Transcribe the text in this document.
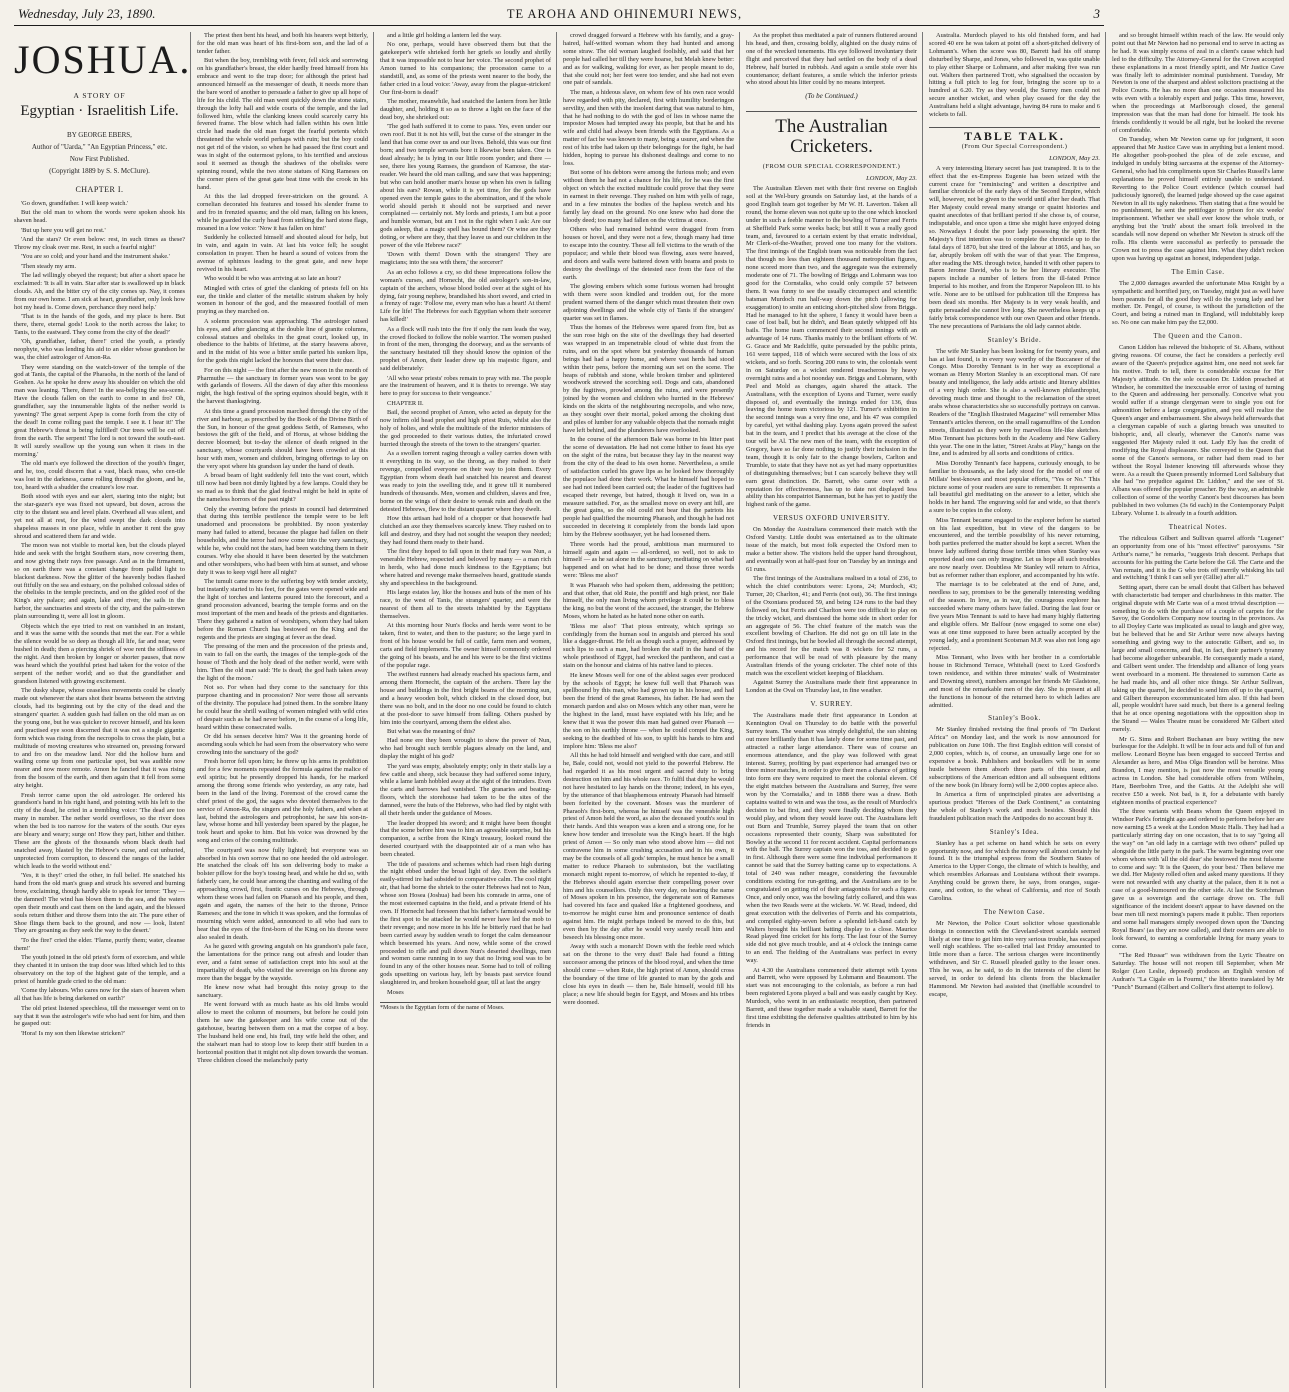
Wednesday, July 23, 1890.	TE AROHA AND OHINEMURI NEWS,	3
JOSHUA.
A STORY OF
Egyptian · Israelitish Life.
BY GEORGE EBERS,
Author of "Uarda," "An Egyptian Princess," etc.
Now First Published.
(Copyright 1889 by S. S. McClure).
CHAPTER I.

'Go down, grandfather. I will keep watch.'

But the old man to whom the words were spoken shook his shaven head.

'But up here you will get no rest.'

'And the stars? Or even below: rest, in such times as these? Throw my cloak over me. Rest, in such a fearful night!'

'You are so cold; and your hand and the instrument shake.'

'Then steady my arm.

The lad willingly obeyed the request; but after a short space he exclaimed: 'It is all in vain. Star after star is swallowed up in black clouds. Ah, and the bitter cry of the city comes up. Nay, it comes from our own home. I am sick at heart, grandfather, only look how hot my head is. Come down, perchance they need help.'

'That is in the hands of the gods, and my place is here. But there, there, eternal gods! Look to the north across the lake; to Tanis, to the eastward. They come from the city of the dead?'

'Oh, grandfather, father, there!' cried the youth, a priestly neophyte, who was lending his aid to an elder whose grandson he was, the chief astrologer of Amon-Ra.

They were standing on the watch-tower of the temple of the god at Tanis, the capital of the Pharaohs, in the north of the land of Goshen. As he spoke he drew away his shoulder on which the old man was leaning. 'There, there! In the sea-bellying the sea-scene. Have the clouds fallen on the earth to come in and fro? Oh, grandfather, say the innumerable lights of the nether world is yawning? The great serpent Apep is come forth from the city of the dead! In come rolling past the temple. I see it. I hear it!' The great Hebrew's threat is being fulfilled! Our trees will be cut off from the earth. The serpent! The lord is not toward the south-east. It will surely swallow up the young sun when it rises in the morning.'

The old man's eye followed the direction of the youth's finger, and he, too, could discern that a vast, black mass, who cen-tile was lost in the darkness, came rolling through the gloom, and he, too, heard with a shudder the creature's low roar.

Both stood with eyes and ear alert, staring into the night; but the star-gazer's eye was fixed not upward, but down, across the city to the distant sea and level plain. Overhead all was silent, and yet not all at rest, for the wind swept the dark clouds into shapeless masses in one place, while in another it rent the gray shroud and scattered them far and wide.

The moon was not visible to mortal ken, but the clouds played hide and seek with the bright Southern stars, now covering them, and now giving their rays free passage. And as in the firmament, so on earth there was a constant change from pallid light to blackest darkness. Now the glitter of the heavenly bodies flashed out fitfully on the sea and estuary, on the polished colossal sides of the obelisks in the temple precincts, and on the gilded roof of the King's airy palace; and again, lake and river, the sails in the harbor, the sanctuaries and streets of the city, and the palm-strewn plain surrounding it, were all lost in gloom.

Objects which the eye tried to rest on vanished in an instant, and it was the same with the sounds that met the ear. For a while the silence would be so deep as though all life, far and near, were hushed in death; then a piercing shriek of woe rent the stillness of the night. And then broken by longer or shorter pauses, that now was heard which the youthful priest had taken for the voice of the serpent of the nether world; and so that the grandfather and grandson listened with growing excitement.

The dusky shape, whose ceaseless movements could be clearly made out whenever the stars shot their beams between the striving clouds, had its beginning out by the city of the dead and the strangers' quarter. A sudden gush had fallen on the old man as on the young one, but he was quicker to recover himself, and his keen and practised eye soon discerned that it was not a single gigantic form which was rising from the necropolis to cross the plain, but a multitude of moving creatures who streamed on, pressing forward to and fro on the meadow land. Nor did the hollow hum and wailing come up from one particular spot, but was audible now nearer and now more remote. Amon he fancied that it was rising from the bosom of the earth, and then again that it fell from some airy height.

Fresh terror came upon the old astrologer. He ordered his grandson's hand in his right hand, and pointing with his left to the city of the dead, he cried in a trembling voice: 'The dead are too many in number. The nether world overflows, so the river does when the bed is too narrow for the waters of the south. Our eyes are bleary and weary; surge on! How they part, hither and thither. These are the ghosts of the thousands whom black death had snatched away, blasted by the Hebrew's curse, and cut unburied, unprotected from corruption, to descend the ranges of the ladder which leads to the world without end.'

'Yes, it is they!' cried the other, in full belief. He snatched his hand from the old man's grasp and struck his severed and burning brow, exclaiming, though hardly able to speak for terror: 'They — the damned! The wind has blown them to the sea, and the waters open their mouth and cast them on the land again, and the blessed souls return thither and throw them into the air. The pure ether of Shoe flings them back to the ground, and now — look, listen! They are groaning as they seek the way to the desert.'

'To the fire!' cried the elder. 'Flame, purify them; water, cleanse them!'

The youth joined in the old priest's form of exorcism, and while they chanted it in unison the trap door was lifted which led to this observatory on the top of the highest gate of the temple, and a priest of humble grade cried to the old man:

'Come thy labours. Who cares now for the stars of heaven when all that has life is being darkened on earth?'

The old priest listened speechless, till the messenger went on to say that it was the astrologer's wife who had sent for him, and then he gasped out:

'Hora! Is my son then likewise stricken?'

The priest then bent his head, and both his hearers wept bitterly, for the old man was heart of his first-born son, and the lad of a tender father.

But when the boy, trembling with fever, fell sick and sorrowing on his grandfather's breast, the elder hardly freed himself from his embrace and went to the trap door; for although the priest had announced himself as the messenger of death, it needs more than the bare word of another to persuade a father to give up all hope of life for his child. The old man went quickly down the stone stairs, through the lofty hall and wide courts of the temple, and the lad followed him, while the clanking knees could scarcely carry his fevered frame. The blow which had fallen within his own little circle had made the old man forget the fearful portents which threatened the whole world perhaps with ruin; but the boy could not get rid of the vision, so when he had passed the first court and was in sight of the outermost pylons, to his terrified and anxious soul it seemed as though the shadows of the obelisks were spinning round, while the two stone statues of King Rameses on the corner piers of the great gate beat time with the crook in his hand.

At this the lad dropped fever-stricken on the ground. A cornelian decorated his features and tossed his slender frame to and fro in frenzied spasms; and the old man, falling on his knees, while he guarded the curly head from striking the hard stone flags, moaned in a low voice: 'Now it has fallen on him!'

Suddenly he collected himself and shouted aloud for help, but in vain, and again in vain. At last his voice fell; he sought consolation in prayer. Then he heard a sound of voices from the avenue of sphinxes leading to the great gate, and new hope revived in his heart.

Who would it be who was arriving at so late an hour?

Mingled with cries of grief the clanking of priests fell on his ear, the tinkle and clatter of the metallic sistrum shaken by holy women in honour of the god, and the measured footfall of men praying as they marched on.

A solemn procession was approaching. The astrologer raised his eyes, and after glancing at the double line of granite columns, colossal statues and obelisks in the great court, looked up, in obedience to the habits of lifetime, at the starry heavens above, and in the midst of his woe a bitter smile parted his sunken lips, for the gods this night lacked the honours that were their due.

For on this night — the first after the new moon in the month of Pharmuthe — the sanctuary in former years was wont to be gay with garlands of flowers. All the dawn of day after this moonless night, the high festival of the spring equinox should begin, with it the harvest thanksgiving.

At this time a grand procession marched through the city of the river and harbour, as prescribed by the Book of the Divine Birth of the Sun, in honour of the great goddess Seith, of Rameses, who bestows the gift of the field, and of Horus, at whose bidding the decree bloomed; but to-day the silence of death reigned in the sanctuary, whose courtyards should have been crowded at this hour with men, women and children, bringing offerings to lay on the very spot where his grandson lay under the hand of death.

A broad beam of light suddenly fell into the vast court, which till now had been not dimly lighted by a few lamps. Could they be so mad as to think that the glad festival might be held in spite of the nameless horrors of the past night?

Only the evening before the priests in council had determined that during this terrible pestilence the temple were to be left unadorned and processions be prohibited. By noon yesterday many had failed to attend, because the plague had fallen on their households, and the terror had now come into the very sanctuary, while he, who could not the stars, had been watching them in their courses. Why else should it have been deserted by the watchmen and other worshipers, who had been with him at sunset, and whose duty it was to keep vigil here all night?

The tumult came more to the suffering boy with tender anxiety, but instantly started to his feet, for the gates were opened wide and the light of torches and lanterns poured into the forecourt, and a grand procession advanced, bearing the temple forms and on the most important of the men and heads of the priests and dignitaries. There they gathered a nation of worshipers, whom they had taken before the Roman Church has bestowed on the King and the regents and the priests are singing at fever as the dead.

The pressing of the men and the procession of the priests and, in vain to fall on the earth, the images of the temple-gods of the house of Thoth and the holy dead of the nether world, were with him. Then the old man said: 'He is dead; the god hath taken away the light of the moon.'

Not so. For when had they come to the sanctuary for this purpose chanting and in procession? Nor were those all servants of the divinity. The populace had joined them. In the sombre litany he could hear the shrill wailing of women mingled with wild cries of despair such as he had never before, in the course of a long life, heard within these consecrated walls.

Or did his senses deceive him? Was it the groaning horde of ascending souls which he had seen from the observatory who were crowding into the sanctuary of the god?

Fresh horror fell upon him; he threw up his arms in prohibition and for a few moments repeated the formula against the malice of evil spirits; but he presently dropped his hands, for he marked among the throng some friends who yesterday, as any rate, had been in the land of the living. Foremost of the crowd came the chief priest of the god, the sages who devoted themselves to the service of Amon-Ra, the singers and the holy fathers, and when at last, behind the astrologers and petrophonist, he saw his son-in-law, whose home and hill yesterday been spared by the plague, he took heart and spoke to him. But his voice was drowned by the song and cries of the coming multitude.

The courtyard was now fully lighted; but everyone was so absorbed in his own sorrow that no one heeded the old astrologer. He snatched the cloak off his son delivering body to make a bolster pillow for the boy's tossing head, and while he did so, with fatherly care, he could hear among the chanting and wailing of the approaching crowd, first, frantic curses on the Hebrews, through whom these woes had fallen on Pharaoh and his people, and then, again and again, the names of the heir to the throne, Prince Rameses; and the tone in which it was spoken, and the formulas of mourning which were added, announced to all who had ears to hear that the eyes of the first-born of the King on his throne were also sealed in death.

As he gazed with growing anguish on his grandson's pale face, the lamentations for the prince rang out afresh and louder than ever, and a faint sense of satisfaction crept into his soul at the impartiality of death, who visited the sovereign on his throne any more than the beggar by the wayside.

He knew now what had brought this noisy group to the sanctuary.

He went forward with as much haste as his old limbs would allow to meet the column of mourners, but before he could join them he saw the gatekeeper and his wife come out of the gatehouse, bearing between them on a mat the corpse of a boy. The husband held one end, his frail, tiny wife held the other, and the stalwart man had to stoop low to keep their stiff burden in a horizontal position that it might not slip down towards the woman. Three children closed the melancholy party

and a little girl holding a lantern led the way.

No one, perhaps, would have observed them but that the gatekeeper's wife shrieked forth her griefs so loudly and shrilly that it was impossible not to hear her voice. The second prophet of Amon turned to his companions; the procession came to a standstill, and, as some of the priests went nearer to the body, the father cried in a loud voice: 'Away, away from the plague-stricken! Our first-born is dead!'

The mother, meanwhile, had snatched the lantern from her little daughter, and, holding it so as to throw a light on the face of the dead boy, she shrieked out:

'The god hath suffered it to come to pass. Yes, even under our own roof. But it is not his will, but the curse of the stranger in the land that has come over us and our lives. Behold, this was our first born; and two temple servants bore it likewise been taken. One is dead already; he is lying in our little room yonder; and there — see, there lies young Ramses, the grandson of Kamose, the star-reader. We heard the old man calling, and saw that was happening; but who can hold another man's house up when his own is falling about his ears? Rowan, while it is yet time, for the gods have opened even the temple gates to the abomination, and if the whole world should perish it should not be surprised and never complained — certainly not. My lords and priests, I am but a poor and humble woman, but am I not in the right when I ask: Are our gods asleep, that a magic spell has bound them? Or wine are they doting, or where are they, that they leave us and our children in the power of the vile Hebrew race?'

'Down with them! Down with the strangers! They are magicians; into the sea with them,' the sorcerer!'

As an echo follows a cry, so did these imprecations follow the woman's curses, and Hornecht, the old astrologer's son-in-law, captain of the archers, whose blood boiled over at the sight of his dying, fair young nephew, brandished his short sword, and cried in a frenzy of rage: 'Follow me, every man who has a heart! At them! Life for life! The Hebrews for each Egyptian whom their sorcerer has killed!'

As a flock will rush into the fire if only the ram leads the way, the crowd flocked to follow the noble warrior. The women pushed in front of the men, thronging the doorway, and as the servants of the sanctuary hesitated till they should know the opinion of the prophet of Amon, their leader drew up his majestic figure, and said deliberately:

'All who wear priests' robes remain to pray with me. The people are the instrument of heaven, and it is theirs to revenge. We stay here to pray for success to their vengeance.'

CHAPTER II.

Bail, the second prophet of Amon, who acted as deputy for the now infirm old head prophet and high priest Ruis, whilst also the holy of holies, and while the multitude of the inferior ministers of the god proceeded to their various duties, the infuriated crowd hurried through the streets of the town to the strangers' quarter.

As a swollen torrent raging through a valley carries down with it everything in its way, so the throng, as they rushed to their revenge, compelled everyone on their way to join them. Every Egyptian from whom death had snatched his nearest and dearest was ready to join the swelling tide, and it grew till it numbered hundreds of thousands. Men, women and children, slaves and free, borne on the wings of their desire to wreak ruin and death on the detested Hebrews, flew to the distant quarter where they dwelt.

How this artisan had hold of a chopper or that housewife had clutched an axe they themselves scarcely knew. They rushed on to kill and destroy, and they had not sought the weapon they needed; they had found them ready to their hand.

The first they hoped to fall upon in their mad fury was Nun, a venerable Hebrew, respected and beloved by many — a man rich in herds, who had done much kindness to the Egyptians; but where hatred and revenge make themselves heard, gratitude stands shy and speechless in the background.

His large estates lay, like the houses and huts of the men of his race, to the west of Tanis, the strangers' quarter, and were the nearest of them all to the streets inhabited by the Egyptians themselves.

At this morning hour Nun's flocks and herds were wont to be taken, first to water, and then to the pasture; so the large yard in front of his house would be full of cattle, farm men and women, carts and field implements. The owner himself commonly ordered the going of his beasts, and he and his were to be the first victims of the popular rage.

The swiftest runners had already reached his spacious farm, and among them Hornecht, the captain of the archers. There lay the house and buildings in the first bright beams of the morning sun, and a heavy wooden bolt, which clicked in the closed door, but there was no bolt, and in the door no one could be found to clutch at the post-door to save himself from falling. Others pushed by him into the courtyard, among them the eldest also.

But what was the meaning of this?

Had none ere they been wrought to show the power of Nun, who had brought such terrible plagues already on the land, and display the might of his god?

The yard was empty, absolutely empty; only in their stalls lay a few cattle and sheep, sick because they had suffered some injury, while a lame lamb hobbled away at the sight of the intruders. Even the carts and barrows had vanished. The granaries and beating-floors, which the storehouse had taken to be the sites of the damned, were the huts of the Hebrews, who had fled by night with all their herds under the guidance of Moses.

The leader dropped his sword; and it might have been thought that the scene before him was to him an agreeable surprise, but his companion, a scribe from the King's treasury, looked round the deserted courtyard with the disappointed air of a man who has been cheated.

The tide of passions and schemes which had risen high during the night ebbed under the broad light of day. Even the soldier's easily-stirred ire had subsided to comparative calm. The cool night air, that had borne the shriek to the outer Hebrews had not to Nun, whose son Hosea (Joshua) had been his comrade in arms, one of the most esteemed captains in the field, and a private friend of his own. If Hornecht had foreseen that his father's farmstead would be the first spot to be attacked he would never have led the mob to their revenge; and now more in his life he bitterly rued that he had been carried away by sudden wrath to forget the calm demeanour which beseemed his years. And now, while some of the crowd proceeded to rifle and pull down Nun's deserted dwellings, men and women came running in to say that no living soul was to be found in any of the other houses near. Some had to toll of rolling gods upsetting on various hay, left by beasts past service found slaughtered in, and broken household gear, till at last the angry

Moses

*Moses is the Egyptian form of the name of Moses.

crowd dragged forward a Hebrew with his family, and a gray-haired, half-witted woman whom they had hunted and among some straw. The old woman laughed foolishly, and said that her people had called her till they were hoarse, but Melah knew better: and as for walking, walking for ever, as her people meant to do, that she could not; her feet were too tender, and she had not even one pair of sandals.

The man, a hideous slave, on whom few of his own race would have regarded with pity, declared, first with humility borderingon servility, and then with the insolent daring that was natural to him, that he had nothing to do with the god of lies in whose name the impostor Moses had tempted away his people, but that he and his wife and child had always been friends with the Egyptians. As a matter of fact he was known to many, being a usurer, and when the rest of his tribe had taken up their belongings for the fight, he had hidden, hoping to pursue his dishonest dealings and come to no loss.

But some of his debtors were among the furious mob; and even without them he had not a chance for his life, for he was the first object on which the excited multitude could prove that they were in earnest in their revenge. They rushed on him with yells of rage, and in a few minutes the bodies of the hapless wretch and his family lay dead on the ground. No one knew who had done the bloody deed; too many had fallen on the victims at once.

Others who had remained behind were dragged from from houses or hovel, and they were not a few, though many had time to escape into the country. These all fell victims to the wrath of the populace; and while their blood was flowing, axes were heaved, and doors and walls were battered down with beams and posts to destroy the dwellings of the detested race from the face of the earth.

The glowing embers which some furious women had brought with them were soon kindled and trodden out, for the more prudent warned them of the danger which must threaten their own adjoining dwellings and the whole city of Tanis if the strangers' quarter was set in flames.

Thus the homes of the Hebrews were spared from fire, but as the sun rose high on the site of the dwellings they had deserted was wrapped in an impenetrable cloud of white dust from the ruins, and on the spot where but yesterday thousands of human beings had had a happy home, and where vast herds had stood within their pens, before the morning sun set on the scene. The heaps of rubbish and stone, while broken timber and splintered woodwork strewed the scorching soil. Dogs and cats, abandoned by the fugitives, prowled among the ruins, and were presently joined by the women and children who hurried in the Hebrews' kinds on the skirts of the neighbouring necropolis, and who now, as they sought over their mortal, poked among the choking dust and piles of lumber for any valuable objects that the nomads might have left behind, and the plunderers have overlooked.

In the course of the afternoon Bale was borne in his litter past the scene of devastation. He had not come hither to feast his eye on the sight of the ruins, but because they lay in the nearest way from the city of the dead to his own home. Nevertheless, a smile of satisfaction curled his grave lips as he looked how thoroughly the populace had done their work. What he himself had hoped to see had not indeed been carried out; the leader of the fugitives had escaped their revenge, but hatred, though it lived on, was in a measure satisfied. For, as the smallest move on every ant hill, are the great gains, so the old could not bear that the patriots his people had qualified the mourning Pharaoh, and though he had not succeeded in deceiving it completely from the bonds laid upon him by the Hebrew soothsayer, yet he had loosened them.

Three words had the proud, ambitious man murmured to himself again and again — all-ordered, so well, not to ask to himself — as he sat alone in the sanctuary, meditating on what had happened and on what had to be done; and those three words were: 'Bless me also!'

It was Pharaoh who had spoken them, addressing the petition; and that other, that old Ruie, the pontiff and high priest, nor Bale himself, the only man living whom privilege it could be to bless the king, no but the worst of the accused, the stranger, the Hebrew Moses, whom he hated as he hated none other on earth.

'Bless me also!' That pious entreaty, which springs so confidingly from the human soul in anguish and pierced his soul like a dagger-thrust. He felt as though such a prayer, addressed by such lips to such a man, had broken the staff in the hand of the whole priesthood of Egypt, had wrecked the pantheon, and cast a stain on the honour and claims of his native land to pieces.

He knew Moses well for one of the ablest sages ever produced by the schools of Egypt; he knew full well that Pharaoh was spellbound by this man, who had grown up in his house, and had been the friend of the great Rameses, his father. He had seen the monarch pardon and also on Moses which any other man, were he the highest in the land, must have expiated with his life; and he knew that it was the power this man had gained over Pharaoh — the son on his earthly throne — when he could compel the King, seeking to the deathbed of his son, to uplift his hands to him and implore him: 'Bless me also!'

All this he had told himself and weighed with due care, and still he, Bale, could not, would not yield to the powerful Hebrew. He had regarded it as his most urgent and sacred duty to bring destruction on him and his whole race. To fulfil that duty he would not have hesitated to lay hands on the throne; indeed, in his eyes, by the utterance of that blasphemous entreaty Pharaoh had himself been forfeited by the covenant. Moses was the murderer of Pharaoh's first-born, whereas he himself was the venerable high priest of Amon held the word, as also the deceased youth's soul in their hands. And this weapon was a keen and a strong one, for he knew how tender and irresolute was the King's heart. If the high priest of Amon — So only man who stood above him — did not contravene him in some crushing accusation and in his own, it may be the counsels of all gods' temples, he must hence be a small matter to reduce Pharaoh to submission, but the vacillating monarch might repent to-morrow, of which he repented to-day, if the Hebrews should again exercise their compelling power over him and his counsellors. Only this very day, on hearing the name of Moses spoken in his presence, the degenerate son of Rameses had covered his face and quaked like a frightened goodness, and to-morrow he might curse him and pronounce sentence of death against him. He might perhaps indeed be moved to do this, but even then by the day after he would very surely recall him and beseech his blessing once more.

Away with such a monarch! Down with the feeble reed which sat on the throne to the very dust! Bale had found a fitting successor among the princes of the blood royal, and when the time should come — when Ruie, the high priest of Amon, should cross the boundary of the time of life granted to man by the gods and close his eyes in death — then he, Bale himself, would fill his place; a new life should begin for Egypt, and Moses and his tribes were doomed.

As the prophet thus meditated a pair of runners fluttered around his head, and then, crossing boldly, alighted on the dusty ruins of one of the wrecked tenements. His eye followed involuntary their flight and perceived that they had settled on the body of a dead Hebrew, half buried in rubbish. And again a smile stole over his countenance; defiant features, a smile which the inferior priests who stood about his litter could by no means interpret.

(To be Continued.)
The Australian Cricketers.
(FROM OUR SPECIAL CORRESPONDENT.)
LONDON, May 23.

The Australian Eleven met with their first reverse on English soil at the Wel-bury grounds on Saturday last, at the hands of a good English team got together by Mr W. H. Laverton. Taken all round, the home eleven was not quite up to the one which knocked under in such a feeble manner to the bowling of Turner and Ferris at Sheffield Park some weeks back; but still it was a really good team, and, favoured to a certain extent by that erratic individual, Mr Clerk-of-the-Weather, proved one too many for the visitors. The first innings of the English team was noticeable from the fact that though no less than eighteen thousand metropolitan figures, none scored more than two, and the aggregate was the extremely moderate one of 71. The bowling of Briggs and Lohmann was too good for the Cornstalks, who could only compile 57 between them. It was funny to see the usually circumspect and scientific batsman Murdoch run half-way down the pitch (allowing for exaggeration) to smite an enticing short-pitched slow from Briggs. Had he managed to hit the sphere, I fancy it would have been a case of lost ball, but he didn't, and Bean quietly whipped off his bails. The home team commenced their second innings with an advantage of 14 runs. Thanks mainly to the brilliant efforts of W. G. Grace and Mr Radcliffe, quite persuaded by the public prints, 161 were tapped, 118 of which were secured with the loss of six wickets, and so forth. Scoring 200 runs to win, the colonials went in on Saturday on a wicket rendered treacherous by heavy overnight rains and a hot noonday sun. Briggs and Lohmann, with Peel and Mold as changes, again shared the attack. The Australians, with the exception of Lyons and Turner, were easily disposed of, and eventually the innings ended for 136, thus leaving the home team victorious by 121. Turner's exhibition in the second innings was a very fine one, and his 47 was compiled by careful, yet withal dashing play. Lyons again proved the safest bat in the team, and I predict that his average at the close of the tour will be Al. The new men of the team, with the exception of Gregory, have so far done nothing to justify their inclusion in the team, though it is only fair to the change bowlers, Carlton and Trumble, to state that they have not as yet had many opportunities of distinguishing themselves; but I can scarcely believe they will earn great distinction. Dr. Barrett, who came over with a reputation for effectiveness, has up to date not displayed Iess ability than his compatriot Bannerman, but he has yet to justify the highest rank of the game.

VERSUS OXFORD UNIVERSITY.

On Monday the Australians commenced their match with the Oxford Varsity. Little doubt was entertained as to the ultimate issue of the match, but most folk expected the Oxford men to make a better show. The visitors held the upper hand throughout, and eventually won at half-past four on Tuesday by an innings and 61 runs.

The first innings of the Australians realised in a total of 236, to which the chief contributors were: Lyons, 24; Murdoch, 43; Turner, 20; Charlton, 41; and Ferris (not out), 36. The first innings of the Oxonians produced 59, and being 124 runs to the bad they followed on, but Ferris and Charlton were too difficult to play on the tricky wicket, and dismissed the home side in short order for an aggregate of 56. The chief feature of the match was the excellent bowling of Charlton. He did not go on till late in the Oxford first innings, but he bowled all through the second attempt, and his record for the match was 8 wickets for 52 runs, a performance that will be read of with pleasure by the many Australian friends of the young cricketer. The chief note of this match was the excellent wicket keeping of Blackham.

Against Surrey the Australians made their first appearance in London at the Oval on Thursday last, in fine weather.

V. SURREY.

The Australians made their first appearance in London at Kennington Oval on Thursday to do battle with the powerful Surrey team. The weather was simply delightful, the sun shining out more brilliantly than it has lately done for some time past, and attracted a rather large attendance. There was of course an enormous attendance, and the play was followed with great interest. Surrey, profiting by past experience had arranged two or three minor matches, in order to give their men a chance of getting into form ere they were required to meet the colonial eleven. Of the eight matches between the Australians and Surrey, five were won by the 'Cornstalks,' and in 1888 there was a draw. Both captains waited to win and was the toss, as the result of Murdoch's decision to bat first, and they were finally deciding whom they would play, and whom they would leave out. The Australians left out Burn and Trumble, Surrey played the team that on other occasions represented their county, Sharp was substituted for Bowley at the second 11 for recent accident. Capital performances with the ball. The Surrey captain won the toss, and decided to go in first. Although there were some fine individual performances it cannot be said that the Surrey batting came up to expectations. A total of 240 was rather meagre, considering the favourable conditions existing for run-getting, and the Australians are to be congratulated on getting rid of their antagonists for such a figure. Once, and only once, was the bowling fairly collared, and this was when the two Reads were at the wickets. W. W. Read, indeed, did great execution with the deliveries of Ferris and his compatriots, and compiled eighty-seven before a splendid left-hand catch by Walters brought his brilliant batting display to a close. Maurice Read played fine cricket for his forty. The last four of the Surrey side did not give much trouble, and at 4 o'clock the innings came to an end. The fielding of the Australians was perfect in every way.

At 4.30 the Australians commenced their attempt with Lyons and Barrett, who were opposed by Lohmann and Beaumont. The start was not encouraging to the colonials, as before a run had been registered Lyons played a ball and was easily caught by Key. Murdoch, who went in an enthusiastic reception, then partnered Barrett, and these together made a valuable stand, Barrett for the first time exhibiting the defensive qualities attributed to him by his friends in

Australia. Murdoch played to his old finished form, and had scored 40 ere he was taken at point off a short-pitched delivery of Lohmann's. When the score was 80, Barrett had his off stump disturbed by Sharpe, and Jones, who followed in, was quite unable to play either Sharpe or Lohmann, and after making five was run out. Walters then partnered Trott, who signalised the occasion by hitting a full pitch to leg for four, bringing the score up to a hundred at 6.20. Try as they would, the Surrey men could not secure another wicket, and when play ceased for the day the Australians held a slight advantage, having 84 runs to make and 6 wickets to fall.

TABLE TALK.
(From Our Special Correspondent.)
LONDON, May 23.

A very interesting literary secret has just transpired. It is to the effect that the ex-Empress Eugenie has been seized with the current craze for "reminiscing" and written a descriptive and familiar chronicle of the early days of the Second Empire, which will, however, not be given to the world until after her death. That Her Majesty could reveal many strange or quaint histories and quaint anecdotes of that brilliant period if she chose is, of course, indisputable, and once upon a time she might have enjoyed doing so. Nowadays I doubt the poor lady possessing the spirit. Her Majesty's first intention was to complete the chronicle up to the fatal days of 1870, but she tired of the labour at 1865, and has, so far, abruptly broken off with the war of that year. The Empress, after reading the MS. through twice, handed it with other papers to Baron Jerome David, who is to be her literary executor. The papers include a number of letters from the ill-fated Prince Imperial to his mother, and from the Emperor Napoleon III. to his wife. None are to be utilised for publication till the Empress has been dead six months. Her Majesty is in very weak health, and quite persuaded she cannot live long. She nevertheless keeps up a fairly brisk correspondence with our own Queen and other friends. The new precautions of Parisians the old lady cannot abide.

Stanley's Bride.

The wife Mr Stanley has been looking for for twenty years, and has at last found, is in every way worthy of the Buccaneer of the Congo. Miss Dorothy Tennant is in her way as exceptional a woman as Henry Morton Stanley is an exceptional man. Of rare beauty and intelligence, the lady adds artistic and literary abilities of a very high order. She is also a well-known philanthropist, devoting much time and thought to the reclamation of the street arabs whose characteristics she so successfully portrays on canvas. Readers of the "English Illustrated Magazine" will remember Miss Tennant's articles thereon, on the small ragamuffins of the London streets, illustrated as they were by marvellous life-like sketches. Miss Tennant has pictures both in the Academy and New Gallery this year. The one in the latter, "Street Arabs at Play," hangs on the line, and is admired by all sorts and conditions of critics.

Miss Dorothy Tennant's face happens, curiously enough, to be familiar to thousands, as the lady stood for the model of one of Millais' best-known and most popular efforts, "Yes or No." This picture some of your readers are sure to remember. It represents a tall beautiful girl meditating on the answer to a letter, which she holds in her hand. The engraving sold far and wide, so that there's a sure to be copies in the colony.

Miss Tennant became engaged to the explorer before he started on his last expedition, but in view of the dangers to be encountered, and the terrible possibility of his never returning, both parties preferred the matter should be kept a secret. When the brave lady suffered during those terrible times when Stanley was reported dead one can only imagine. Let us hope all such troubles are now nearly over. Doubtless Mr Stanley will return to Africa, but as reformer rather than explorer, and accompanied by his wife.

The marriage is to be celebrated at the end of June, and, needless to say, promises to be the generally interesting wedding of the season. In love, as in war, the courageous explorer has succeeded where many others have failed. During the last four or five years Miss Tennant is said to have had many highly flattering and eligible offers. Mr Balfour (now engaged to some one else) was at one time supposed to have been actually accepted by the young lady, and a prominent Scotsman M.P. was also not long ago rejected.

Miss Tennant, who lives with her brother in a comfortable house in Richmond Terrace, Whitehall (next to Lord Gosford's town residence, and within three minutes' walk of Westminster and Downing street), numbers amongst her friends Mr Gladstone, and most of the remarkable men of the day. She is present at all the functions in honour of the returned hero to which ladies are admitted.

Stanley's Book.

Mr Stanley finished revising the final proofs of "In Darkest Africa" on Monday last, and the work is now announced for publication on June 10th. The first English edition will consist of 2,000 copies, which is, of course, an unusually large one for so expensive a book. Publishers and booksellers will be in some hustle between them absorb three parts of this issue, and subscriptions of the American edition and all subsequent editions of the new book (in library form) will be 2,000 copies apiece also.

In America a firm of unprincipled pirates are advertising a spurious product "Heroes of the Dark Continent," as containing the whole of Stanley's work and much besides. Should this fraudulent publication reach the Antipodes do no account buy it.

Stanley's Idea.

Stanley has a pet scheme on hand which he sets on every opportunity now, and for which the money will almost certainly be found. It is the triumphal express from the Southern States of America to the Upper Congo, the climate of which is healthy, and which resembles Arkansas and Louisiana without their swamps. Anything could be grown there, he says, from oranges, sugar-cane, and cotton, to the wheat of California, and rice of South Carolina.

The Newton Case.

Mr Newton, the Police Court solicitor whose questionable doings in connection with the Cleveland-street scandals seemed likely at one time to get him into very serious trouble, has escaped well nigh scathless. The so-called trial last Friday amounted to little more than a farce. The serious charges were incontinently withdrawn, and Sir C. Russell pleaded guilty to the lesser ones. This he was, as he said, to do in the interests of the client he served, in order to defend his clients from the blackmailer Hammond. Mr Newton had assisted that (ineffable scoundrel to escape,

and so brought himself within reach of the law. He would only point out that Mr Newton had no personal end to serve in acting as he had. It was simply excess of zeal in a client's cause which had led to the difficulty. The Attorney-General for the Crown accepted these explanations in a most friendly spirit, and Mr Justice Cave was finally left to administer nominal punishment. Tuesday, Mr Newton is one of the sharpest and ablest solicitors practising at the Police Courts. He has no more than one occasion measured his wits even with a tolerably expert and judge. This time, however, when the proceedings at Marlborough closed, the general impression was that the man had done for himself. He took his friends confidently it would be all right, but he looked the reverse of comfortable.

On Tuesday, when Mr Newton came up for judgment, it soon appeared that Mr Justice Cave was in anything but a lenient mood. He altogether pooh-poohed the plea of de zele excuse, and indulged in unduly biting sarcasms at the expense of the Attorney-General, who had his compliments upon Sir Charles Russell's lame explanations he proved himself entirely unable to understand. Reverting to the Police Court evidence (which counsel had judiciously ignored), the learned judge showed up the case against Newton in all its ugly nakedness. Then stating that a fine would be no punishment, he sent the pettifogger to prison for six weeks' imprisonment. Whether we shall ever know the whole truth, or anything but the 'truth' about the smart folk involved in the scandals will now depend on whether Mr Newton is struck off the rolls. His clients were successful as perfectly to persuade the Crown not to press the case against him. What they didn't reckon upon was having up against an honest, independent judge.

The Emin Case.

The 2,000 damages awarded the unfortunate Miss Knight by a sympathetic and horrified jury, on Tuesday, might just as well have been peanuts for all the good they will do the young lady and her mother. Dr. Pengel, of course, is without the jurisdiction of the Court, and being a ruined man in England, will indubitably keep so. No one can make him pay the £2,000.

The Queen and the Canon.

Canon Liddon has relieved the bishopric of St. Albans, without giving reasons. Of course, the fact he considers a perfectly evil aware of the Queen's prejudice against him, one need not seek far his motive. Truth to tell, there is considerable excuse for Her Majesty's attitude. On the sole occasion Dr. Liddon preached at Windsor, he committed the inexcusable error of taxing of turning to the Queen and addressing her personally. Conceive what you would suffer if a strange clergyman were to single you out for admonition before a large congregation, and you will realize the Queen's anger and embarrassment. She always held afterwards that a clergyman capable of such a glaring breach was unsuited to bishopric, and, all clearly, whenever the Canon's name was suggested Her Majesty ruled it out. Lady Ely has the credit of modifying the Royal displeasure. She conveyed to the Queen that some of the Canon's sermons, or rather had them read to her without the Royal listener knowing till afterwards whose they were. As a result the Queen presently informed Lord Salisbury that she had "no prejudice against Dr. Liddon," and the see of St. Albans was offered the popular preacher. By the way, an admirable collection of some of the worthy Canon's best discourses has been published in two volumes (3s 6d each) in the Contemporary Pulpit Library. Volume I. is already in a fourth addition.

Theatrical Notes.

The ridiculous Gilbert and Sullivan quarrel affords "Lugenet" an opportunity from one of his "most effective" paroxysms. "Sir Arthur's name," he remarks, "suggests Irish descent. Perhaps that accounts for his putting the Carte before the Gil. The Carte and the Van remain, and it is the G who trots off merrily whisking his tail and switching 'I think I can sell yer (Gillie) after all.'"

Setting apart, there can be small doubt that Gilbert has behaved with characteristic bad temper and churlishness in this matter. The original dispute with Mr Carte was of a most trivial description — something to do with the purchase of a couple of carpets for the Savoy, the Gondoliers Company now touring in the provinces. As to all Doyley Carte was implicated as usual to laugh and give way, but he believed that he and Sir Arthur were now always having something and giving way to the autocratic Gilbert, and so, in large and small concerns, and that, in fact, their partner's tyranny had become altogether unbearable. He consequently made a stand, and Gilbert went under. The friendship and alliance of long years went overboard in a moment. He threatened to summon Carte as he had made his, and all other nice things. Sir Arthur Sullivan, taking up the quarrel, he decided to send him off up to the quarrel, and Gilbert thereupon excommunicated him also. If this had been all, people wouldn't have said much, but there is a general feeling that he at once opening negotiations with the opposition shop in the Strand — Wales Theatre must be considered Mr Gilbert sited merely.

Mr G. Sims and Robert Buchanan are busy writing the new burlesque for the Adelphi. It will be in four acts and full of fun and mellow. Leonard Boyne has been engaged to succeed Terriss and Alexander as hero, and Miss Olga Brandon will be heroine. Miss Brandon, I may mention, is just now the most versatile young actress in London. She had considerable offers from Wilhelm, Hare, Beerbohm Tree, and the Gattis. At the Adelphi she will receive £50 a week. Not bad, is it, for a debutante with barely eighteen months of practical experience?

The three variants with Beans whom the Queen enjoyed in Windsor Park's fortnight ago and ordered to perform before her are now earning £5 a week at the London Music Halls. They had had a particularly stirring day on one occasion, that is to say "going all the way" on "an old lady in a carriage with two others" pulled up alongside the little party in the park. The warm beginning over one whom whom with 'all the old dear' she bestowed the most fulsome to come and say: 'It is the Queen, do your best.' Then believe me we did. Her Majesty rolled often and asked many questions. If they were not rewarded with any charity at the palace, then it is not a case of a good-humoured on the other side. At last the Scotchman gave us a sovereign and the carriage drove on. The full significance of the incident doesn't appear to have dawned on the bear men till next morning's papers made it public. Then reporters and some hall managers simply swooped down upon the 'Dancing Royal Bears' (as they are now called), and their owners are able to look forward, to earning a comfortable living for many years to come.

"The Red Hussar" was withdrawn from the Lyric Theatre on Saturday. The house will not reopen till September, when Mr Rolger (Leo Leslie, deposed) produces an English version of Audran's "La Cigale en la Fourmi," the libretto translated by Mr "Punch" Burnand (Gilbert and Collier's first attempt to follow).
